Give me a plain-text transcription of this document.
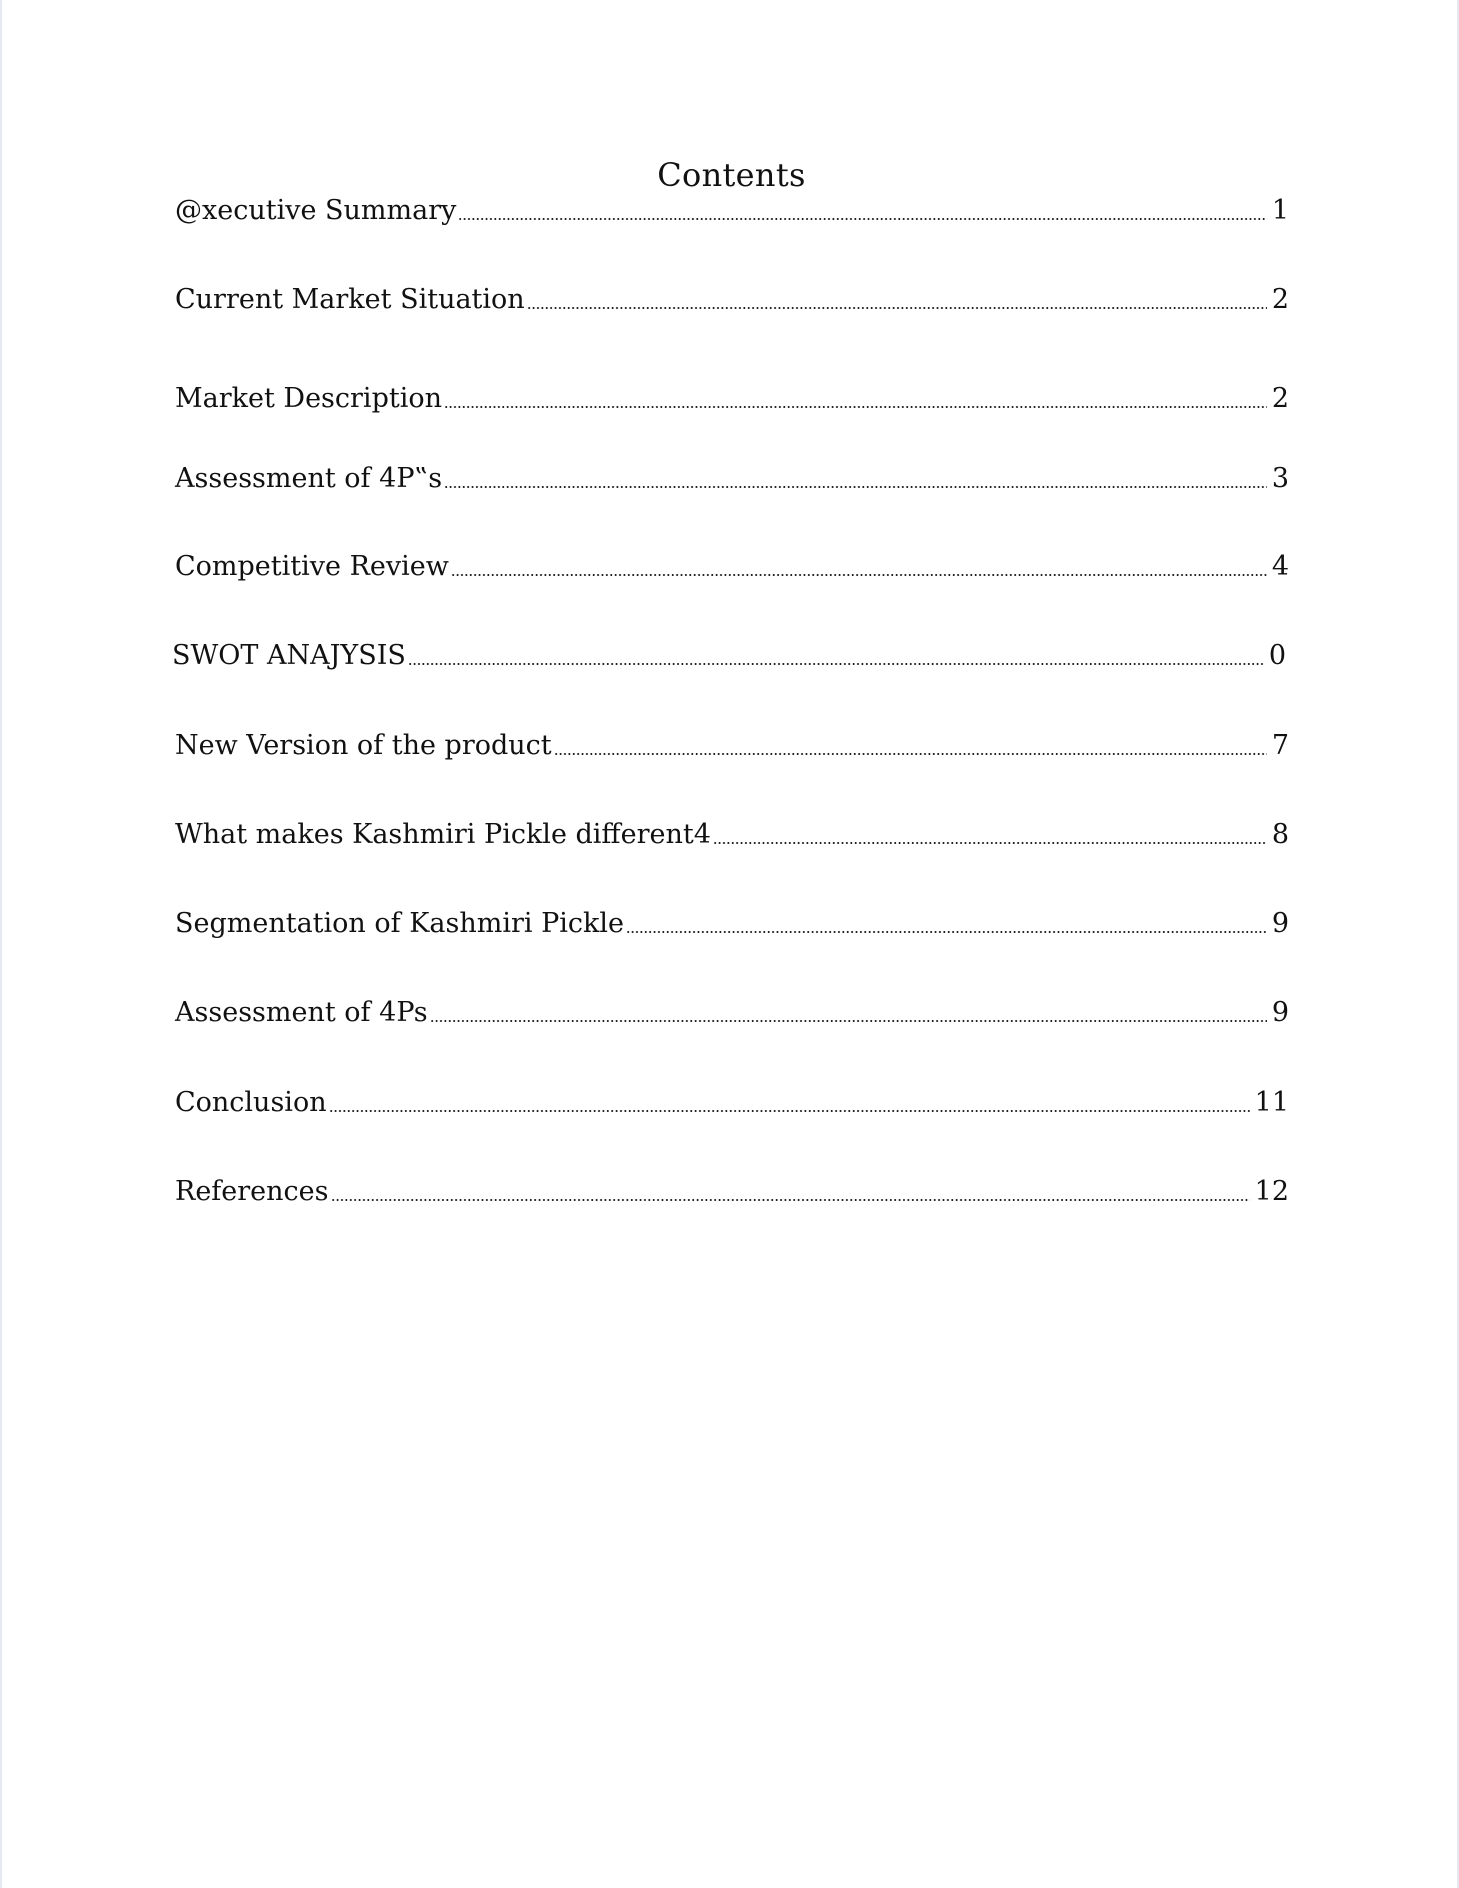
Contents
@xecutive Summary	1
Current Market Situation	2
Market Description	2
Assessment of 4P‟s	3
Competitive Review	4
SWOT ANAJYSIS	0
New Version of the product	7
What makes Kashmiri Pickle different4	8
Segmentation of Kashmiri Pickle	9
Assessment of 4Ps	9
Conclusion	11
References	12
